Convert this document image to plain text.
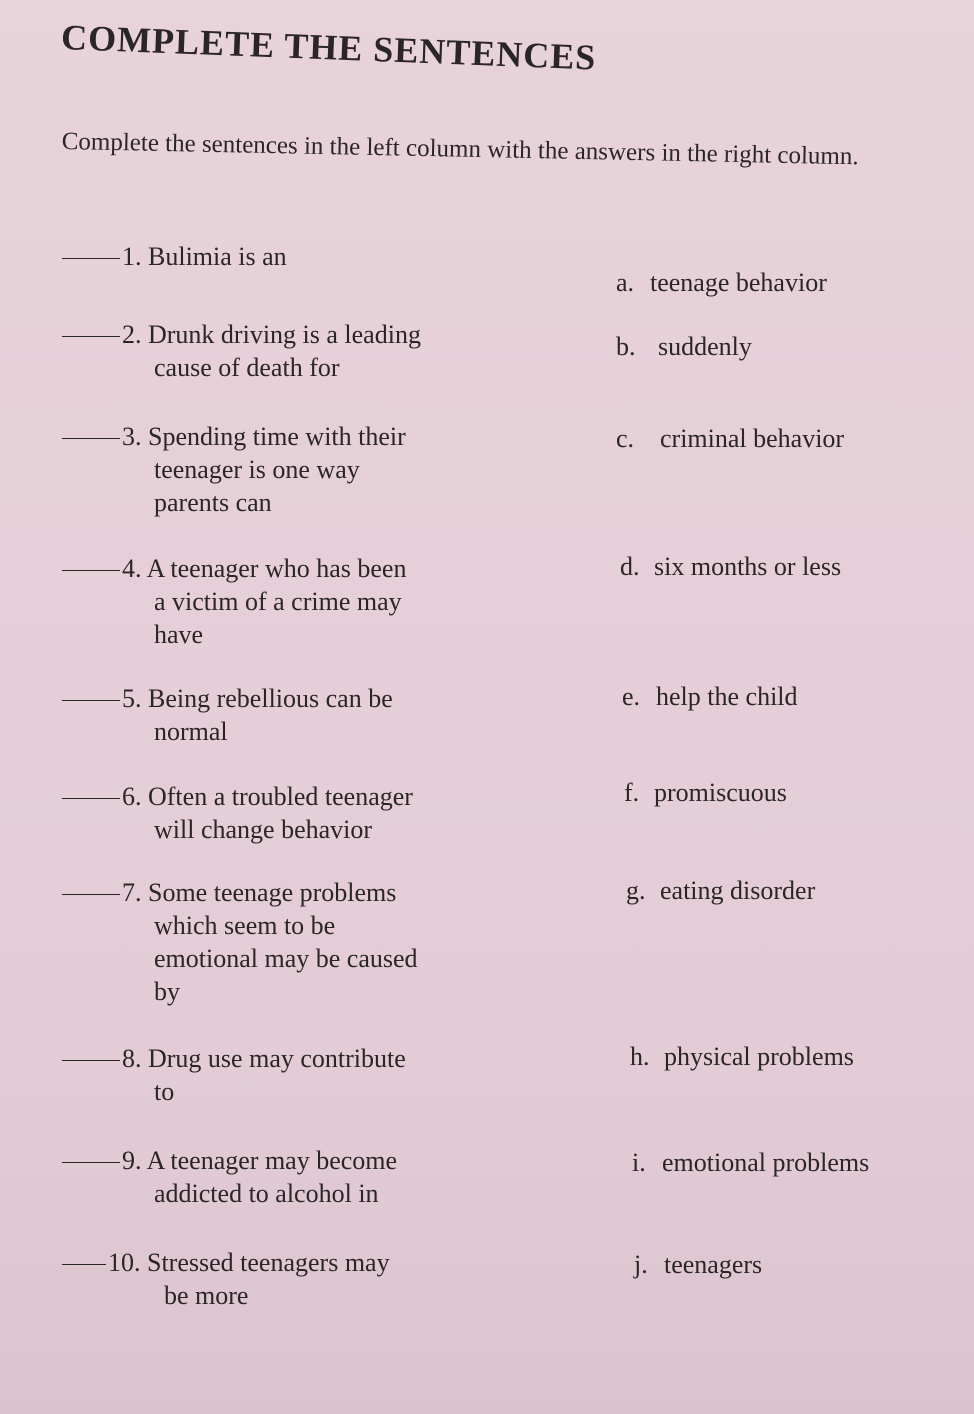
COMPLETE THE SENTENCES
Complete the sentences in the left column with the answers in the right column.
1. Bulimia is an
2. Drunk driving is a leading
cause of death for
3. Spending time with their
teenager is one way
parents can
4. A teenager who has been
a victim of a crime may
have
5. Being rebellious can be
normal
6. Often a troubled teenager
will change behavior
7. Some teenage problems
which seem to be
emotional may be caused
by
8. Drug use may contribute
to
9. A teenager may become
addicted to alcohol in
10. Stressed teenagers may
be more
a. teenage behavior
b. suddenly
c. criminal behavior
d. six months or less
e. help the child
f. promiscuous
g. eating disorder
h. physical problems
i. emotional problems
j. teenagers
